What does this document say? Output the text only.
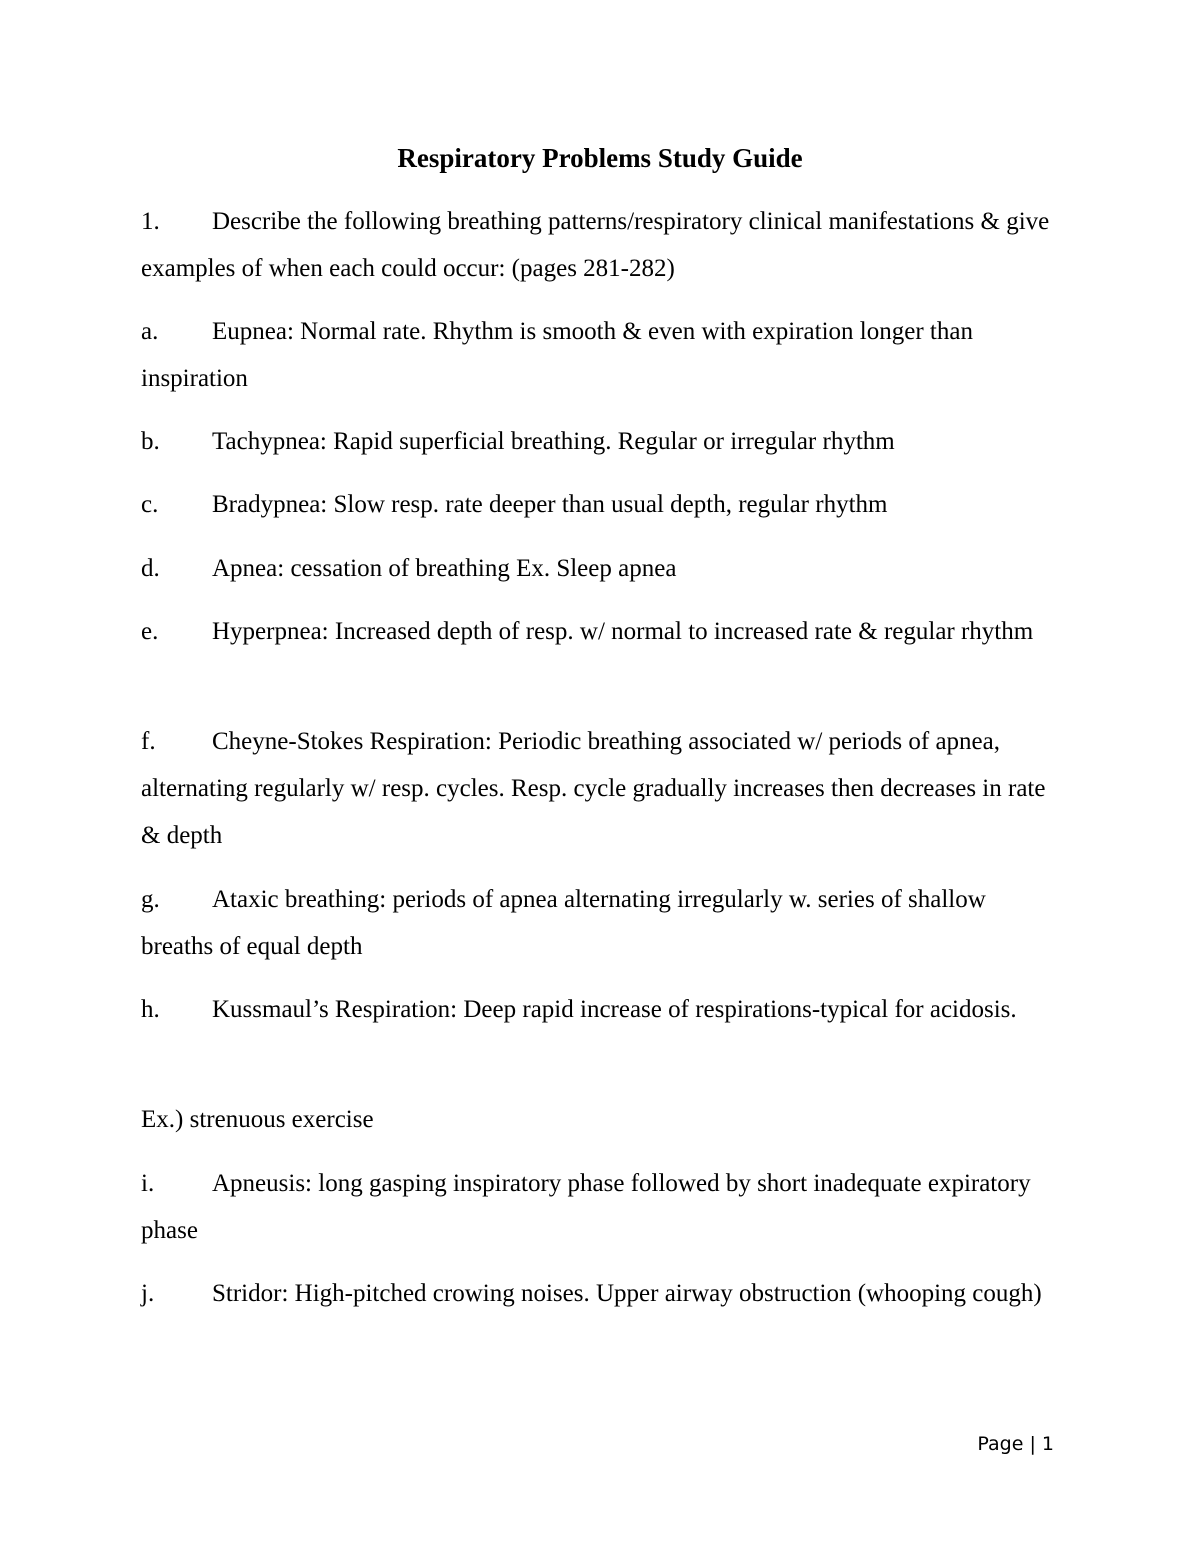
Respiratory Problems Study Guide
1. Describe the following breathing patterns/respiratory clinical manifestations & give examples of when each could occur: (pages 281-282)
a. Eupnea: Normal rate. Rhythm is smooth & even with expiration longer than inspiration
b. Tachypnea: Rapid superficial breathing. Regular or irregular rhythm
c. Bradypnea: Slow resp. rate deeper than usual depth, regular rhythm
d. Apnea: cessation of breathing Ex. Sleep apnea
e. Hyperpnea: Increased depth of resp. w/ normal to increased rate & regular rhythm
f. Cheyne-Stokes Respiration: Periodic breathing associated w/ periods of apnea, alternating regularly w/ resp. cycles. Resp. cycle gradually increases then decreases in rate & depth
g. Ataxic breathing: periods of apnea alternating irregularly w. series of shallow breaths of equal depth
h. Kussmaul’s Respiration: Deep rapid increase of respirations-typical for acidosis.
Ex.) strenuous exercise
i. Apneusis: long gasping inspiratory phase followed by short inadequate expiratory phase
j. Stridor: High-pitched crowing noises. Upper airway obstruction (whooping cough)
Page | 1
